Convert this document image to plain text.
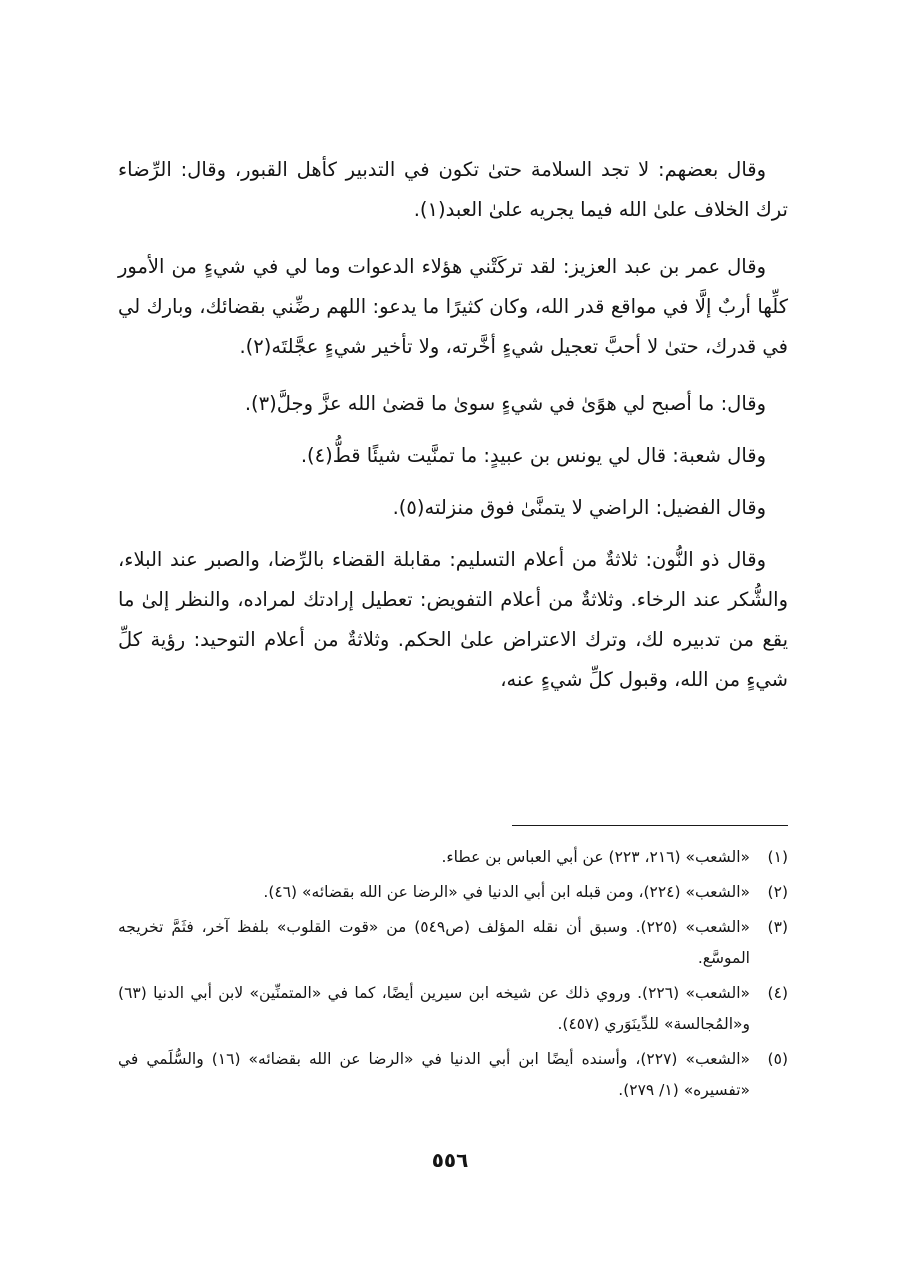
وقال بعضهم: لا تجد السلامة حتىٰ تكون في التدبير كأهل القبور، وقال: الرِّضاء ترك الخلاف علىٰ الله فيما يجريه علىٰ العبد(١).

وقال عمر بن عبد العزيز: لقد تركَتْني هؤلاء الدعوات وما لي في شيءٍ من الأمور كلِّها أربٌ إلَّا في مواقع قدر الله، وكان كثيرًا ما يدعو: اللهم رضِّني بقضائك، وبارك لي في قدرك، حتىٰ لا أحبَّ تعجيل شيءٍ أخَّرته، ولا تأخير شيءٍ عجَّلتَه(٢).

وقال: ما أصبح لي هوًىٰ في شيءٍ سوىٰ ما قضىٰ الله عزَّ وجلَّ(٣).

وقال شعبة: قال لي يونس بن عبيدٍ: ما تمنَّيت شيئًا قطُّ(٤).

وقال الفضيل: الراضي لا يتمنَّىٰ فوق منزلته(٥).

وقال ذو النُّون: ثلاثةٌ من أعلام التسليم: مقابلة القضاء بالرِّضا، والصبر عند البلاء، والشُّكر عند الرخاء. وثلاثةٌ من أعلام التفويض: تعطيل إرادتك لمراده، والنظر إلىٰ ما يقع من تدبيره لك، وترك الاعتراض علىٰ الحكم. وثلاثةٌ من أعلام التوحيد: رؤية كلِّ شيءٍ من الله، وقبول كلِّ شيءٍ عنه،

(١)
«الشعب» (٢١٦، ٢٢٣) عن أبي العباس بن عطاء.
(٢)
«الشعب» (٢٢٤)، ومن قبله ابن أبي الدنيا في «الرضا عن الله بقضائه» (٤٦).
(٣)
«الشعب» (٢٢٥). وسبق أن نقله المؤلف (ص٥٤٩) من «قوت القلوب» بلفظ آخر، فثَمَّ تخريجه الموسَّع.
(٤)
«الشعب» (٢٢٦). وروي ذلك عن شيخه ابن سيرين أيضًا، كما في «المتمنِّين» لابن أبي الدنيا (٦٣) و«المُجالسة» للدِّينَوَري (٤٥٧).
(٥)
«الشعب» (٢٢٧)، وأسنده أيضًا ابن أبي الدنيا في «الرضا عن الله بقضائه» (١٦) والسُّلَمي في «تفسيره» (١/ ٢٧٩).
٥٥٦
